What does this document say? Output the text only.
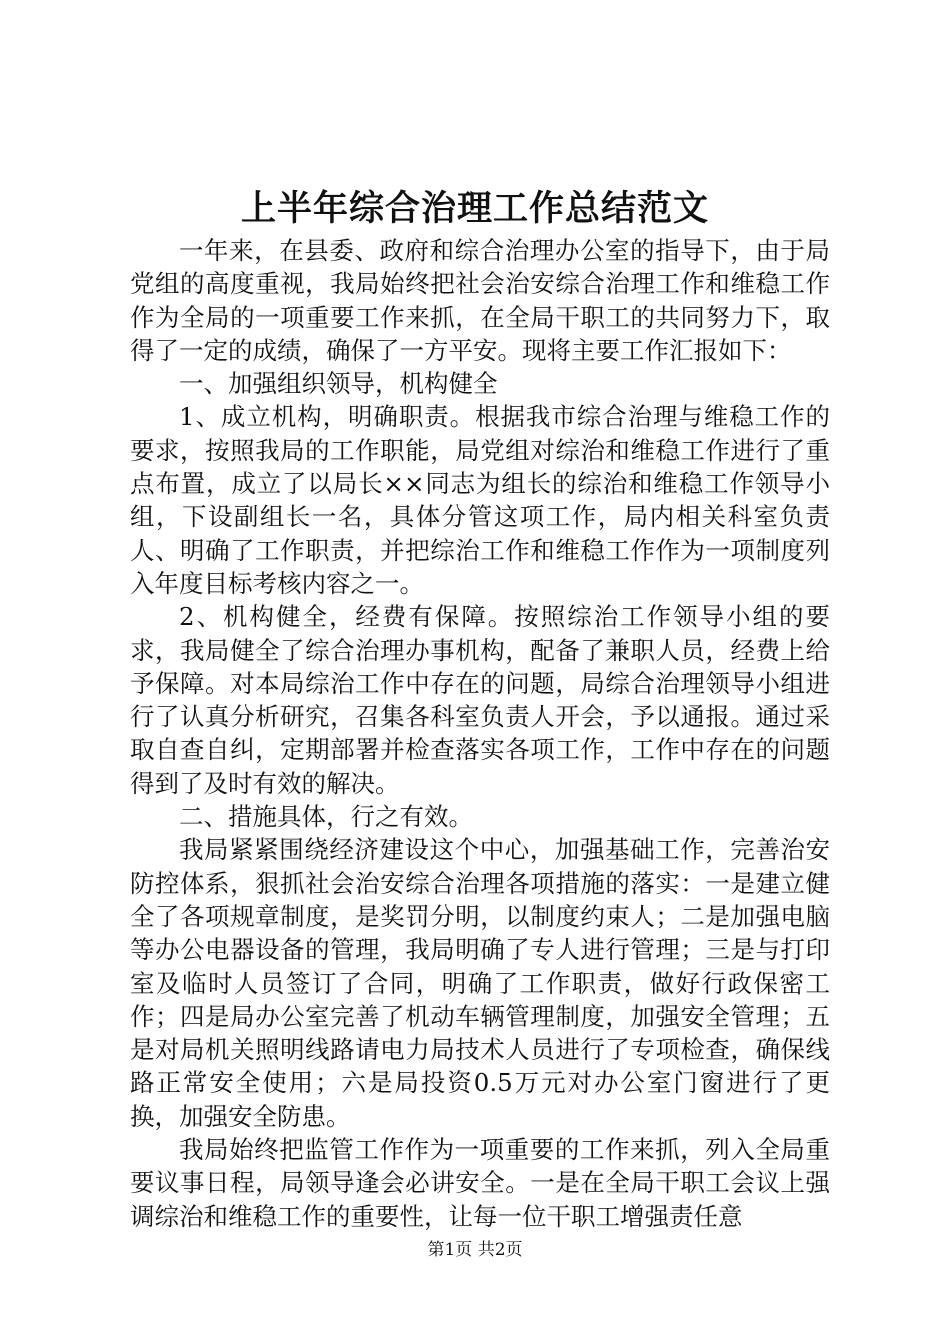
上半年综合治理工作总结范文

一年来，在县委、政府和综合治理办公室的指导下，由于局党组的高度重视，我局始终把社会治安综合治理工作和维稳工作作为全局的一项重要工作来抓，在全局干职工的共同努力下，取得了一定的成绩，确保了一方平安。现将主要工作汇报如下：

一、加强组织领导，机构健全

1、成立机构，明确职责。根据我市综合治理与维稳工作的要求，按照我局的工作职能，局党组对综治和维稳工作进行了重点布置，成立了以局长××同志为组长的综治和维稳工作领导小组，下设副组长一名，具体分管这项工作，局内相关科室负责人、明确了工作职责，并把综治工作和维稳工作作为一项制度列入年度目标考核内容之一。

2、机构健全，经费有保障。按照综治工作领导小组的要求，我局健全了综合治理办事机构，配备了兼职人员，经费上给予保障。对本局综治工作中存在的问题，局综合治理领导小组进行了认真分析研究，召集各科室负责人开会，予以通报。通过采取自查自纠，定期部署并检查落实各项工作，工作中存在的问题得到了及时有效的解决。

二、措施具体，行之有效。

我局紧紧围绕经济建设这个中心，加强基础工作，完善治安防控体系，狠抓社会治安综合治理各项措施的落实：一是建立健全了各项规章制度，是奖罚分明，以制度约束人；二是加强电脑等办公电器设备的管理，我局明确了专人进行管理；三是与打印室及临时人员签订了合同，明确了工作职责，做好行政保密工作；四是局办公室完善了机动车辆管理制度，加强安全管理；五是对局机关照明线路请电力局技术人员进行了专项检查，确保线路正常安全使用；六是局投资0.5万元对办公室门窗进行了更换，加强安全防患。

我局始终把监管工作作为一项重要的工作来抓，列入全局重要议事日程，局领导逢会必讲安全。一是在全局干职工会议上强调综治和维稳工作的重要性，让每一位干职工增强责任意

第1页 共2页
